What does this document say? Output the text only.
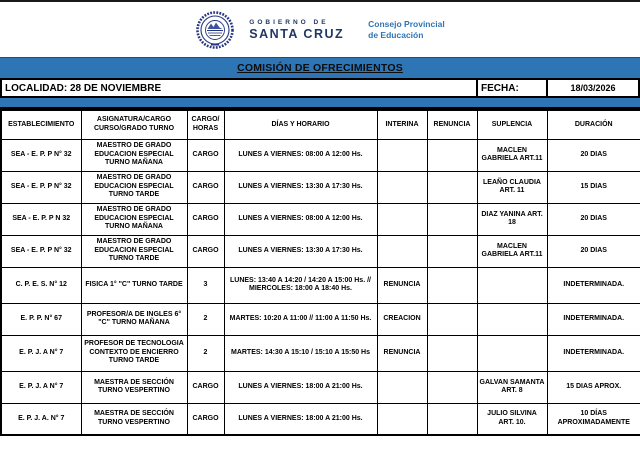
GOBIERNO DE
SANTA CRUZ
Consejo Provincial
de Educación
COMISIÓN DE OFRECIMIENTOS
LOCALIDAD: 28 DE NOVIEMBRE	FECHA:	18/03/2026
ESTABLECIMIENTO	ASIGNATURA/CARGO CURSO/GRADO TURNO	CARGO/ HORAS	DÍAS Y HORARIO	INTERINA	RENUNCIA	SUPLENCIA	DURACIÓN
SEA - E. P. P N° 32	MAESTRO DE GRADO EDUCACION ESPECIAL TURNO MAÑANA	CARGO	LUNES A VIERNES: 08:00 A 12:00 Hs.			MACLEN GABRIELA ART.11	20 DIAS
SEA - E. P. P N° 32	MAESTRO DE GRADO EDUCACION ESPECIAL TURNO TARDE	CARGO	LUNES A VIERNES: 13:30 A 17:30 Hs.			LEAÑO CLAUDIA ART. 11	15 DIAS
SEA - E. P. P N 32	MAESTRO DE GRADO EDUCACION ESPECIAL TURNO MAÑANA	CARGO	LUNES A VIERNES: 08:00 A 12:00 Hs.			DIAZ YANINA ART. 18	20 DIAS
SEA - E. P. P N° 32	MAESTRO DE GRADO EDUCACION ESPECIAL TURNO TARDE	CARGO	LUNES A VIERNES: 13:30 A 17:30 Hs.			MACLEN GABRIELA ART.11	20 DIAS
C. P. E. S. N° 12	FISICA 1° "C" TURNO TARDE	3	LUNES: 13:40 A 14:20 / 14:20 A 15:00 Hs. // MIERCOLES: 18:00 A 18:40 Hs.	RENUNCIA			INDETERMINADA.
E. P. P. N° 67	PROFESOR/A DE INGLES 6° "C" TURNO MAÑANA	2	MARTES: 10:20 A 11:00 // 11:00 A 11:50 Hs.	CREACION			INDETERMINADA.
E. P. J. A N° 7	PROFESOR DE TECNOLOGIA CONTEXTO DE ENCIERRO TURNO TARDE	2	MARTES: 14:30 A 15:10 / 15:10 A 15:50 Hs	RENUNCIA			INDETERMINADA.
E. P. J. A N° 7	MAESTRA DE SECCIÓN TURNO VESPERTINO	CARGO	LUNES A VIERNES: 18:00 A 21:00 Hs.			GALVAN SAMANTA ART. 8	15 DIAS APROX.
E. P. J. A. N° 7	MAESTRA DE SECCIÓN TURNO VESPERTINO	CARGO	LUNES A VIERNES: 18:00 A 21:00 Hs.			JULIO SILVINA ART. 10.	10 DÍAS APROXIMADAMENTE
